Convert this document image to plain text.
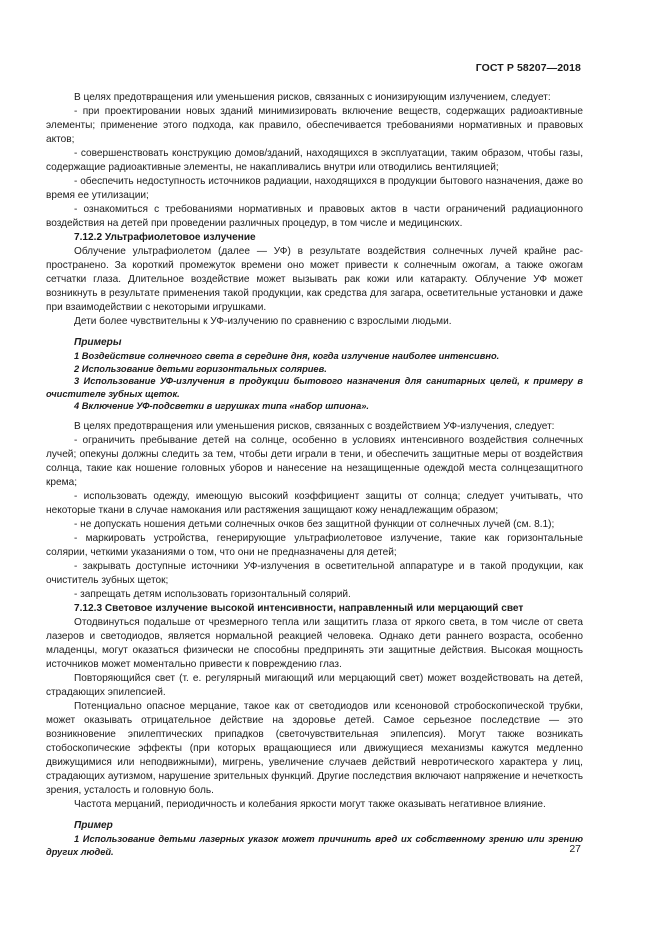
ГОСТ Р 58207—2018

В целях предотвращения или уменьшения рисков, связанных с ионизирующим излучением, следует:

- при проектировании новых зданий минимизировать включение веществ, содержащих радиоактивные элементы; применение этого подхода, как правило, обеспечивается требованиями нормативных и правовых актов;

- совершенствовать конструкцию домов/зданий, находящихся в эксплуатации, таким образом, чтобы газы, содержащие радиоактивные элементы, не накапливались внутри или отводились вентиляцией;

- обеспечить недоступность источников радиации, находящихся в продукции бытового назначения, даже во время ее утилизации;

- ознакомиться с требованиями нормативных и правовых актов в части ограничений радиационного воздействия на детей при проведении различных процедур, в том числе и медицинских.

7.12.2 Ультрафиолетовое излучение

Облучение ультрафиолетом (далее — УФ) в результате воздействия солнечных лучей крайне распространено. За короткий промежуток времени оно может привести к солнечным ожогам, а также ожогам сетчатки глаза. Длительное воздействие может вызывать рак кожи или катаракту. Облучение УФ может возникнуть в результате применения такой продукции, как средства для загара, осветительные установки и даже при взаимодействии с некоторыми игрушками.

Дети более чувствительны к УФ-излучению по сравнению с взрослыми людьми.

Примеры

1 Воздействие солнечного света в середине дня, когда излучение наиболее интенсивно.

2 Использование детьми горизонтальных соляриев.

3 Использование УФ-излучения в продукции бытового назначения для санитарных целей, к примеру в очистителе зубных щеток.

4 Включение УФ-подсветки в игрушках типа «набор шпиона».

В целях предотвращения или уменьшения рисков, связанных с воздействием УФ-излучения, следует:

- ограничить пребывание детей на солнце, особенно в условиях интенсивного воздействия солнечных лучей; опекуны должны следить за тем, чтобы дети играли в тени, и обеспечить защитные меры от воздействия солнца, такие как ношение головных уборов и нанесение на незащищенные одеждой места солнцезащитного крема;

- использовать одежду, имеющую высокий коэффициент защиты от солнца; следует учитывать, что некоторые ткани в случае намокания или растяжения защищают кожу ненадлежащим образом;

- не допускать ношения детьми солнечных очков без защитной функции от солнечных лучей (см. 8.1);

- маркировать устройства, генерирующие ультрафиолетовое излучение, такие как горизонтальные солярии, четкими указаниями о том, что они не предназначены для детей;

- закрывать доступные источники УФ-излучения в осветительной аппаратуре и в такой продукции, как очиститель зубных щеток;

- запрещать детям использовать горизонтальный солярий.

7.12.3 Световое излучение высокой интенсивности, направленный или мерцающий свет

Отодвинуться подальше от чрезмерного тепла или защитить глаза от яркого света, в том числе от света лазеров и светодиодов, является нормальной реакцией человека. Однако дети раннего возраста, особенно младенцы, могут оказаться физически не способны предпринять эти защитные действия. Высокая мощность источников может моментально привести к повреждению глаз.

Повторяющийся свет (т. е. регулярный мигающий или мерцающий свет) может воздействовать на детей, страдающих эпилепсией.

Потенциально опасное мерцание, такое как от светодиодов или ксеноновой стробоскопической трубки, может оказывать отрицательное действие на здоровье детей. Самое серьезное последствие — это возникновение эпилептических припадков (светочувствительная эпилепсия). Могут также возникать стобоскопические эффекты (при которых вращающиеся или движущиеся механизмы кажутся медленно движущимися или неподвижными), мигрень, увеличение случаев действий невротического характера у лиц, страдающих аутизмом, нарушение зрительных функций. Другие последствия включают напряжение и нечеткость зрения, усталость и головную боль.

Частота мерцаний, периодичность и колебания яркости могут также оказывать негативное влияние.

Пример

1 Использование детьми лазерных указок может причинить вред их собственному зрению или зрению других людей.	27
